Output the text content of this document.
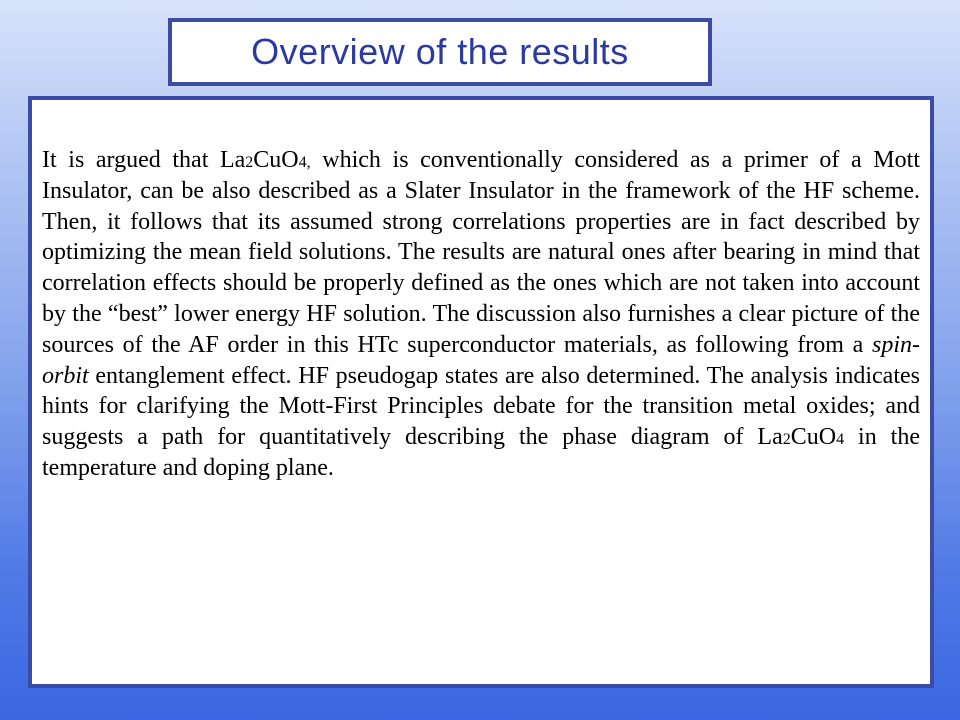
Overview of the results

It is argued that La2CuO4, which is conventionally considered as a primer of a Mott Insulator, can be also described as a Slater Insulator in the framework of the HF scheme. Then, it follows that its assumed strong correlations properties are in fact described by optimizing the mean field solutions. The results are natural ones after bearing in mind that correlation effects should be properly defined as the ones which are not taken into account by the “best” lower energy HF solution. The discussion also furnishes a clear picture of the sources of the AF order in this HTc superconductor materials, as following from a spin-orbit entanglement effect. HF pseudogap states are also determined. The analysis indicates hints for clarifying the Mott-First Principles debate for the transition metal oxides; and suggests a path for quantitatively describing the phase diagram of La2CuO4 in the temperature and doping plane.
